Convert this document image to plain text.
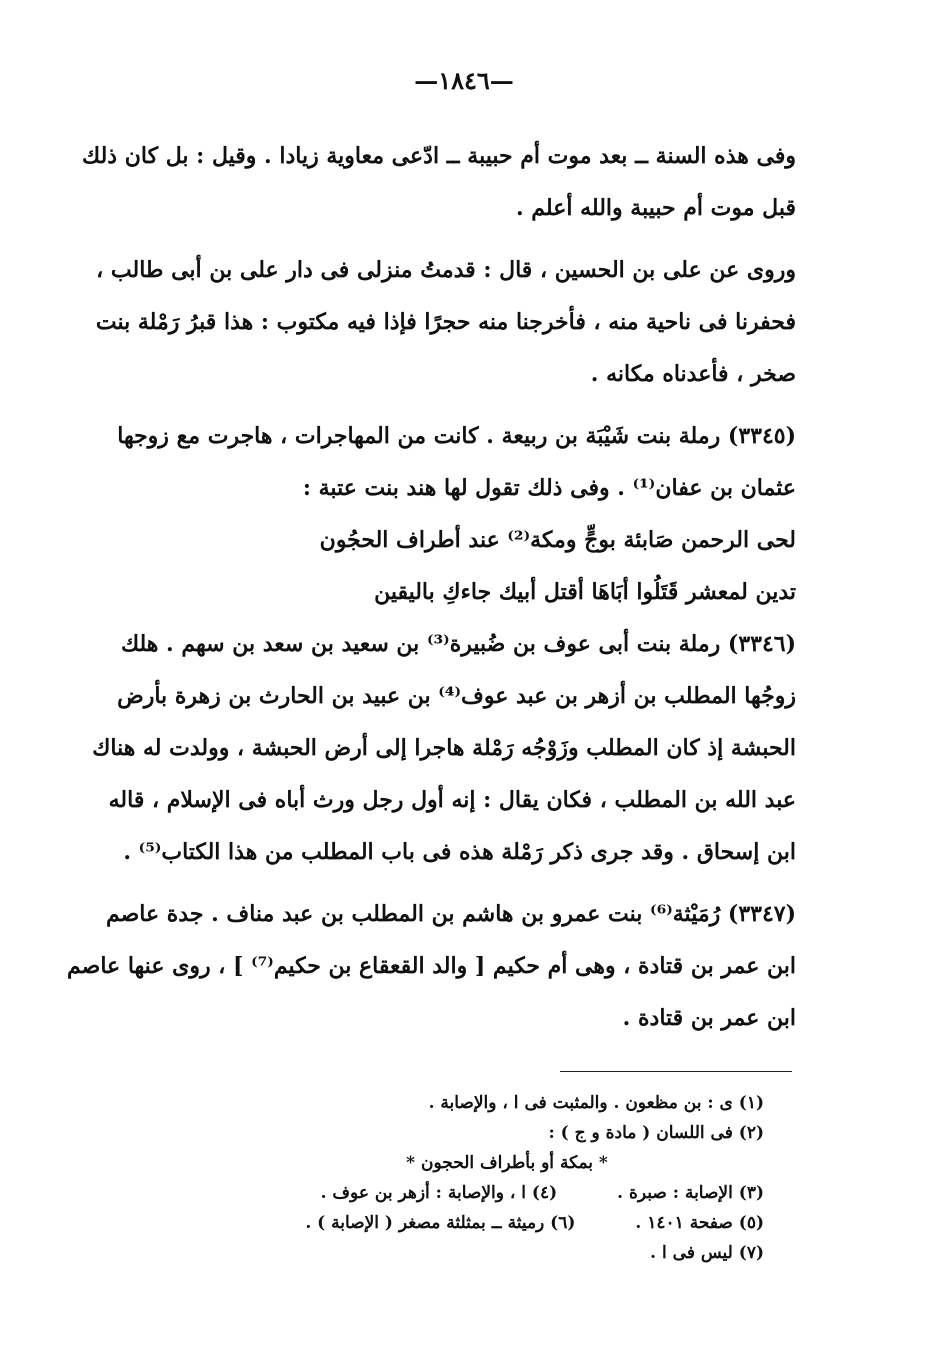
—١٨٤٦—
وفى هذه السنة ــ بعد موت أم حبيبة ــ ادّعى معاوية زيادا . وقيل : بل كان ذلك
قبل موت أم حبيبة والله أعلم .
وروى عن على بن الحسين ، قال : قدمتُ منزلى فى دار على بن أبى طالب ،
فحفرنا فى ناحية منه ، فأخرجنا منه حجرًا فإذا فيه مكتوب : هذا قبرُ رَمْلة بنت
صخر ، فأعدناه مكانه .
(٣٣٤٥) رملة بنت شَيْبَة بن ربيعة . كانت من المهاجرات ، هاجرت مع زوجها
عثمان بن عفان⁽¹⁾ . وفى ذلك تقول لها هند بنت عتبة :
لحى الرحمن صَابئة بوجٍّ ومكة⁽²⁾ عند أطراف الحجُون
تدين لمعشر قَتَلُوا أبَاهَا أقتل أبيك جاءكِ باليقين
(٣٣٤٦) رملة بنت أبى عوف بن ضُبيرة⁽³⁾ بن سعيد بن سعد بن سهم . هلك
زوجُها المطلب بن أزهر بن عبد عوف⁽⁴⁾ بن عبيد بن الحارث بن زهرة بأرض
الحبشة إذ كان المطلب وزَوْجُه رَمْلة هاجرا إلى أرض الحبشة ، وولدت له هناك
عبد الله بن المطلب ، فكان يقال : إنه أول رجل ورث أباه فى الإسلام ، قاله
ابن إسحاق . وقد جرى ذكر رَمْلة هذه فى باب المطلب من هذا الكتاب⁽⁵⁾ .
(٣٣٤٧) رُمَيْثة⁽⁶⁾ بنت عمرو بن هاشم بن المطلب بن عبد مناف . جدة عاصم
ابن عمر بن قتادة ، وهى أم حكيم [ والد القعقاع بن حكيم⁽⁷⁾ ] ، روى عنها عاصم
ابن عمر بن قتادة .
(١) ى : بن مظعون . والمثبت فى ا ، والإصابة .
(٢) فى اللسان ( مادة و ج ) :
* بمكة أو بأطراف الحجون *
(٣) الإصابة : صبرة .
(٤) ا ، والإصابة : أزهر بن عوف .
(٥) صفحة ١٤٠١ .
(٦) رميثة ــ بمثلثة مصغر ( الإصابة ) .
(٧) ليس فى ا .
